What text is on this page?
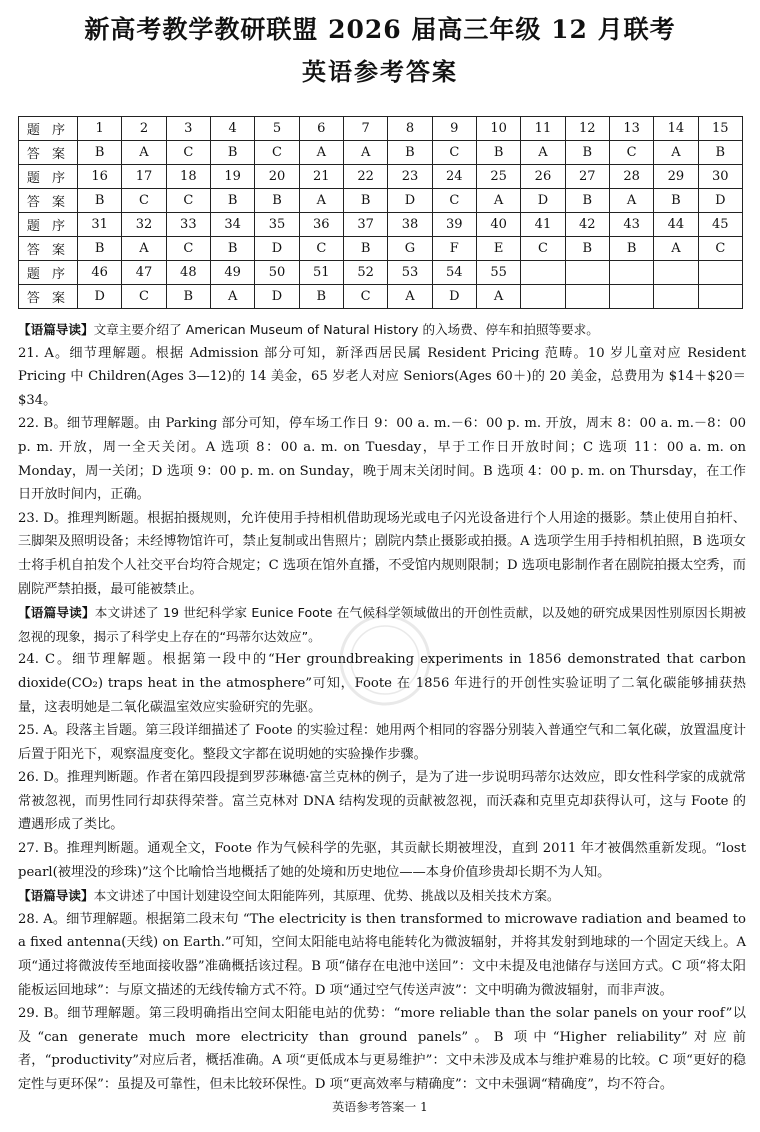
新高考教学教研联盟 2026 届高三年级 12 月联考
英语参考答案
题 序	1	2	3	4	5	6	7	8	9	10	11	12	13	14	15
答 案	B	A	C	B	C	A	A	B	C	B	A	B	C	A	B
题 序	16	17	18	19	20	21	22	23	24	25	26	27	28	29	30
答 案	B	C	C	B	B	A	B	D	C	A	D	B	A	B	D
题 序	31	32	33	34	35	36	37	38	39	40	41	42	43	44	45
答 案	B	A	C	B	D	C	B	G	F	E	C	B	B	A	C
题 序	46	47	48	49	50	51	52	53	54	55					
答 案	D	C	B	A	D	B	C	A	D	A					

【语篇导读】文章主要介绍了 American Museum of Natural History 的入场费、停车和拍照等要求。

21. A。细节理解题。根据 Admission 部分可知，新泽西居民属 Resident Pricing 范畴。10 岁儿童对应 Resident Pricing 中 Children(Ages 3—12)的 14 美金，65 岁老人对应 Seniors(Ages 60＋)的 20 美金，总费用为 $14＋$20＝$34。

22. B。细节理解题。由 Parking 部分可知，停车场工作日 9：00 a. m.－6：00 p. m. 开放，周末 8：00 a. m.－8：00 p. m. 开放，周一全天关闭。A 选项 8：00 a. m. on Tuesday，早于工作日开放时间；C 选项 11：00 a. m. on Monday，周一关闭；D 选项 9：00 p. m. on Sunday，晚于周末关闭时间。B 选项 4：00 p. m. on Thursday，在工作日开放时间内，正确。

23. D。推理判断题。根据拍摄规则，允许使用手持相机借助现场光或电子闪光设备进行个人用途的摄影。禁止使用自拍杆、三脚架及照明设备；未经博物馆许可，禁止复制或出售照片；剧院内禁止摄影或拍摄。A 选项学生用手持相机拍照，B 选项女士将手机自拍发个人社交平台均符合规定；C 选项在馆外直播，不受馆内规则限制；D 选项电影制作者在剧院拍摄太空秀，而剧院严禁拍摄，最可能被禁止。

【语篇导读】本文讲述了 19 世纪科学家 Eunice Foote 在气候科学领域做出的开创性贡献，以及她的研究成果因性别原因长期被忽视的现象，揭示了科学史上存在的“玛蒂尔达效应”。

24. C。细节理解题。根据第一段中的“Her groundbreaking experiments in 1856 demonstrated that carbon dioxide(CO₂) traps heat in the atmosphere”可知，Foote 在 1856 年进行的开创性实验证明了二氧化碳能够捕获热量，这表明她是二氧化碳温室效应实验研究的先驱。

25. A。段落主旨题。第三段详细描述了 Foote 的实验过程：她用两个相同的容器分别装入普通空气和二氧化碳，放置温度计后置于阳光下，观察温度变化。整段文字都在说明她的实验操作步骤。

26. D。推理判断题。作者在第四段提到罗莎琳德·富兰克林的例子，是为了进一步说明玛蒂尔达效应，即女性科学家的成就常常被忽视，而男性同行却获得荣誉。富兰克林对 DNA 结构发现的贡献被忽视，而沃森和克里克却获得认可，这与 Foote 的遭遇形成了类比。

27. B。推理判断题。通观全文，Foote 作为气候科学的先驱，其贡献长期被埋没，直到 2011 年才被偶然重新发现。“lost pearl(被埋没的珍珠)”这个比喻恰当地概括了她的处境和历史地位——本身价值珍贵却长期不为人知。

【语篇导读】本文讲述了中国计划建设空间太阳能阵列，其原理、优势、挑战以及相关技术方案。

28. A。细节理解题。根据第二段末句 “The electricity is then transformed to microwave radiation and beamed to a fixed antenna(天线) on Earth.”可知，空间太阳能电站将电能转化为微波辐射，并将其发射到地球的一个固定天线上。A 项“通过将微波传至地面接收器”准确概括该过程。B 项“储存在电池中送回”：文中未提及电池储存与送回方式。C 项“将太阳能板运回地球”：与原文描述的无线传输方式不符。D 项“通过空气传送声波”：文中明确为微波辐射，而非声波。

29. B。细节理解题。第三段明确指出空间太阳能电站的优势：“more reliable than the solar panels on your roof”以及“can generate much more electricity than ground panels”。B 项中“Higher reliability”对应前者，“productivity”对应后者，概括准确。A 项“更低成本与更易维护”：文中未涉及成本与维护难易的比较。C 项“更好的稳定性与更环保”：虽提及可靠性，但未比较环保性。D 项“更高效率与精确度”：文中未强调“精确度”，均不符合。

英语参考答案一 1
